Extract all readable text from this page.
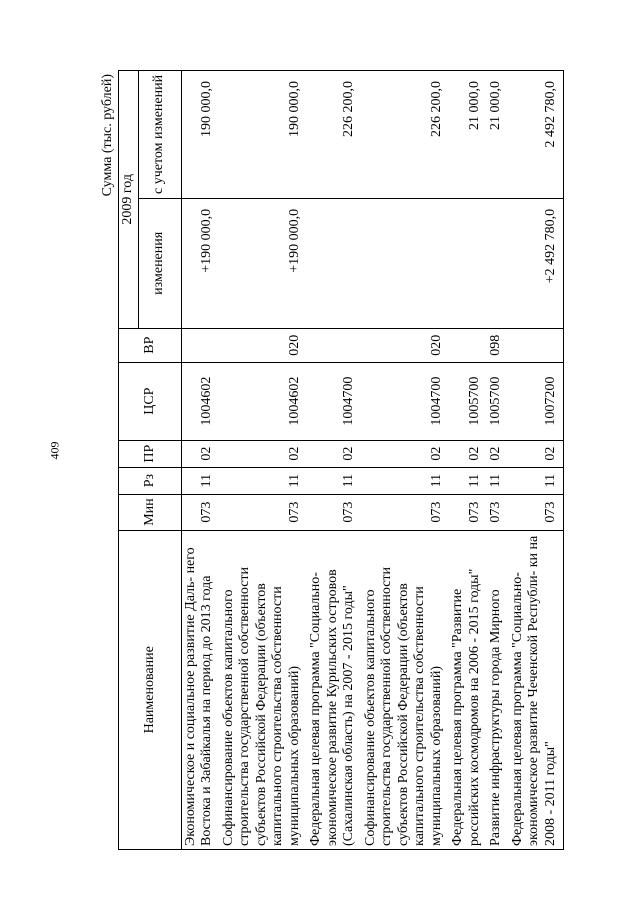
409
Сумма (тыс. рублей)
Наименование	Мин	Рз	ПР	ЦСР	ВР	2009 год	
						изменения	с учетом изменений
Экономическое и социальное развитие Даль- него Востока и Забайкалья на период до 2013 года	073	11	02	1004602		+190 000,0	190 000,0
Софинансирование объектов капитального строительства государственной собственности субъектов Российской Федерации (объектов капитального строительства собственности муниципальных образований)	073	11	02	1004602	020	+190 000,0	190 000,0
Федеральная целевая программа "Социально- экономическое развитие Курильских островов (Сахалинская область) на 2007 - 2015 годы"	073	11	02	1004700			226 200,0
Софинансирование объектов капитального строительства государственной собственности субъектов Российской Федерации (объектов капитального строительства собственности муниципальных образований)	073	11	02	1004700	020		226 200,0
Федеральная целевая программа "Развитие российских космодромов на 2006 - 2015 годы"	073	11	02	1005700			21 000,0
Развитие инфраструктуры города Мирного	073	11	02	1005700	098		21 000,0
Федеральная целевая программа "Социально- экономическое развитие Чеченской Республи- ки на 2008 - 2011 годы"	073	11	02	1007200		+2 492 780,0	2 492 780,0
